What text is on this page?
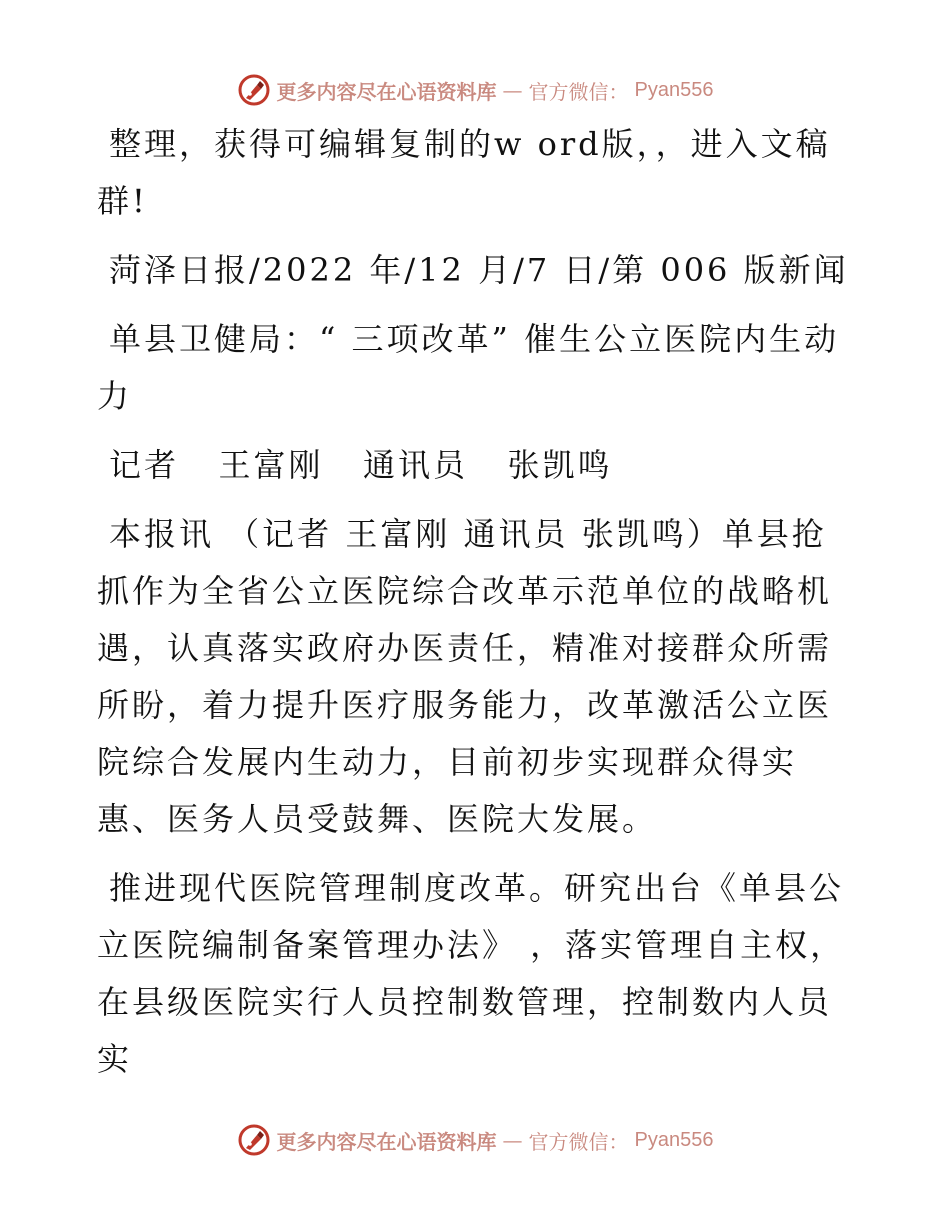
更多内容尽在心语资料库 — 官方微信： Pyan556

整理，获得可编辑复制的w ord版，，进入文稿群!

菏泽日报/2022 年/12 月/7 日/第 006 版新闻

单县卫健局：“ 三项改革” 催生公立医院内生动力

记者   王富刚   通讯员   张凯鸣

本报讯 （记者 王富刚 通讯员 张凯鸣）单县抢抓作为全省公立医院综合改革示范单位的战略机遇，认真落实政府办医责任，精准对接群众所需所盼，着力提升医疗服务能力，改革激活公立医院综合发展内生动力，目前初步实现群众得实惠、医务人员受鼓舞、医院大发展。

推进现代医院管理制度改革。研究出台《单县公立医院编制备案管理办法》 ，落实管理自主权，在县级医院实行人员控制数管理，控制数内人员实

更多内容尽在心语资料库 — 官方微信： Pyan556
